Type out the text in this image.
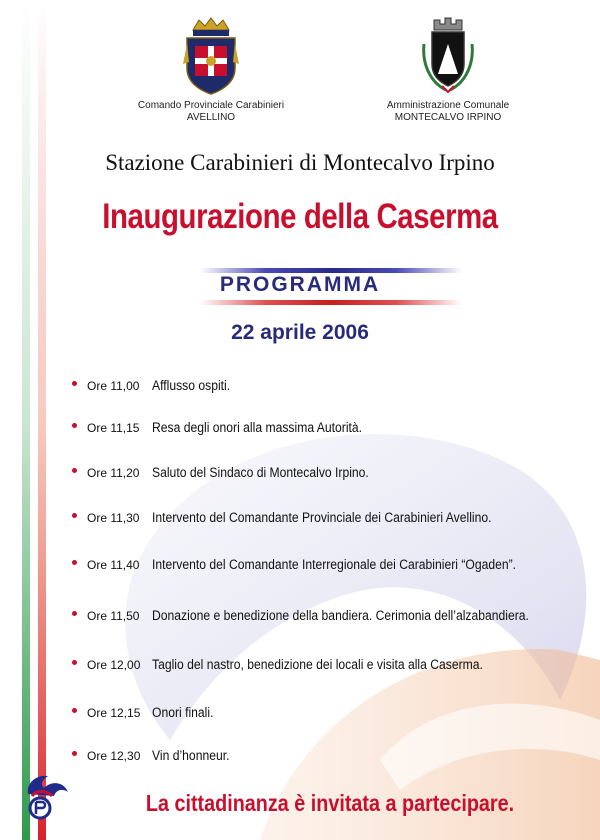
Comando Provinciale Carabinieri
AVELLINO
Amministrazione Comunale
MONTECALVO IRPINO
Stazione Carabinieri di Montecalvo Irpino
Inaugurazione della Caserma
PROGRAMMA
22 aprile 2006
Ore 11,00 Afflusso ospiti.
Ore 11,15 Resa degli onori alla massima Autorità.
Ore 11,20 Saluto del Sindaco di Montecalvo Irpino.
Ore 11,30 Intervento del Comandante Provinciale dei Carabinieri Avellino.
Ore 11,40 Intervento del Comandante Interregionale dei Carabinieri “Ogaden”.
Ore 11,50 Donazione e benedizione della bandiera. Cerimonia dell’alzabandiera.
Ore 12,00 Taglio del nastro, benedizione dei locali e visita alla Caserma.
Ore 12,15 Onori finali.
Ore 12,30 Vin d’honneur.
La cittadinanza è invitata a partecipare.
